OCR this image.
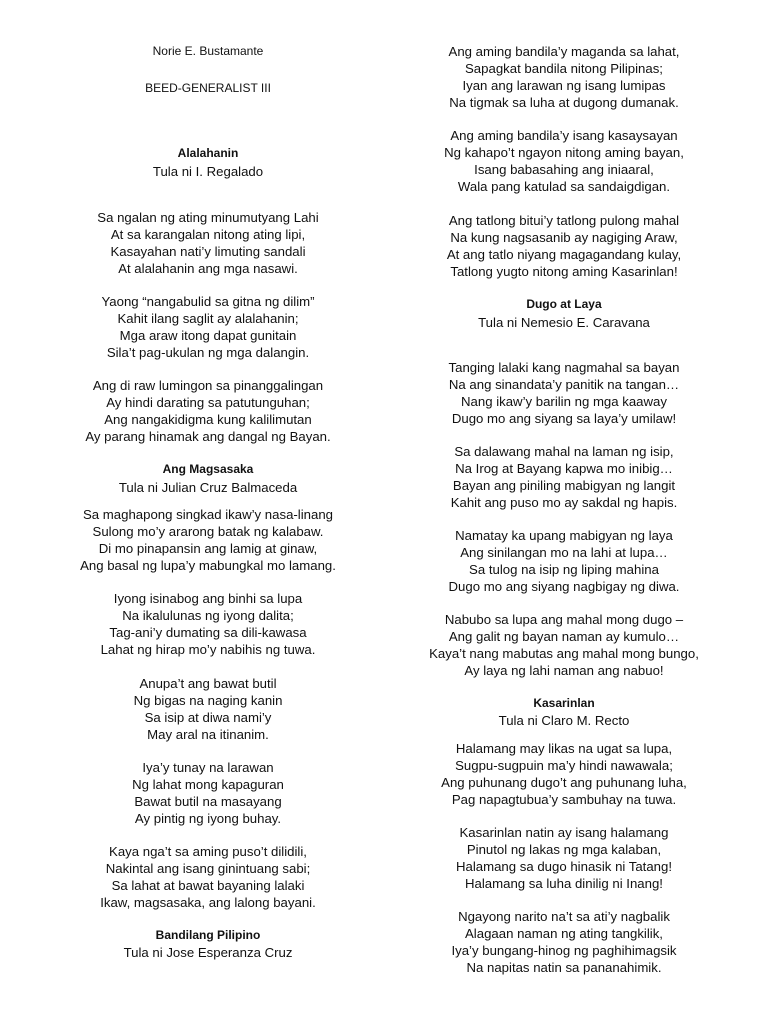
Norie E. Bustamante
BEED-GENERALIST III
Alalahanin
Tula ni I. Regalado
Sa ngalan ng ating minumutyang Lahi
At sa karangalan nitong ating lipi,
Kasayahan nati’y limuting sandali
At alalahanin ang mga nasawi.
Yaong “nangabulid sa gitna ng dilim”
Kahit ilang saglit ay alalahanin;
Mga araw itong dapat gunitain
Sila’t pag-ukulan ng mga dalangin.
Ang di raw lumingon sa pinanggalingan
Ay hindi darating sa patutunguhan;
Ang nangakidigma kung kalilimutan
Ay parang hinamak ang dangal ng Bayan.
Ang Magsasaka
Tula ni Julian Cruz Balmaceda
Sa maghapong singkad ikaw’y nasa-linang
Sulong mo’y ararong batak ng kalabaw.
Di mo pinapansin ang lamig at ginaw,
Ang basal ng lupa’y mabungkal mo lamang.
Iyong isinabog ang binhi sa lupa
Na ikalulunas ng iyong dalita;
Tag-ani’y dumating sa dili-kawasa
Lahat ng hirap mo’y nabihis ng tuwa.
Anupa’t ang bawat butil
Ng bigas na naging kanin
Sa isip at diwa nami’y
May aral na itinanim.
Iya’y tunay na larawan
Ng lahat mong kapaguran
Bawat butil na masayang
Ay pintig ng iyong buhay.
Kaya nga’t sa aming puso’t dilidili,
Nakintal ang isang ginintuang sabi;
Sa lahat at bawat bayaning lalaki
Ikaw, magsasaka, ang lalong bayani.
Bandilang Pilipino
Tula ni Jose Esperanza Cruz
Ang aming bandila’y maganda sa lahat,
Sapagkat bandila nitong Pilipinas;
Iyan ang larawan ng isang lumipas
Na tigmak sa luha at dugong dumanak.
Ang aming bandila’y isang kasaysayan
Ng kahapo’t ngayon nitong aming bayan,
Isang babasahing ang iniaaral,
Wala pang katulad sa sandaigdigan.
Ang tatlong bitui’y tatlong pulong mahal
Na kung nagsasanib ay nagiging Araw,
At ang tatlo niyang magagandang kulay,
Tatlong yugto nitong aming Kasarinlan!
Dugo at Laya
Tula ni Nemesio E. Caravana
Tanging lalaki kang nagmahal sa bayan
Na ang sinandata’y panitik na tangan…
Nang ikaw’y barilin ng mga kaaway
Dugo mo ang siyang sa laya’y umilaw!
Sa dalawang mahal na laman ng isip,
Na Irog at Bayang kapwa mo inibig…
Bayan ang piniling mabigyan ng langit
Kahit ang puso mo ay sakdal ng hapis.
Namatay ka upang mabigyan ng laya
Ang sinilangan mo na lahi at lupa…
Sa tulog na isip ng liping mahina
Dugo mo ang siyang nagbigay ng diwa.
Nabubo sa lupa ang mahal mong dugo –
Ang galit ng bayan naman ay kumulo…
Kaya’t nang mabutas ang mahal mong bungo,
Ay laya ng lahi naman ang nabuo!
Kasarinlan
Tula ni Claro M. Recto
Halamang may likas na ugat sa lupa,
Sugpu-sugpuin ma’y hindi nawawala;
Ang puhunang dugo’t ang puhunang luha,
Pag napagtubua’y sambuhay na tuwa.
Kasarinlan natin ay isang halamang
Pinutol ng lakas ng mga kalaban,
Halamang sa dugo hinasik ni Tatang!
Halamang sa luha dinilig ni Inang!
Ngayong narito na’t sa ati’y nagbalik
Alagaan naman ng ating tangkilik,
Iya’y bungang-hinog ng paghihimagsik
Na napitas natin sa pananahimik.
